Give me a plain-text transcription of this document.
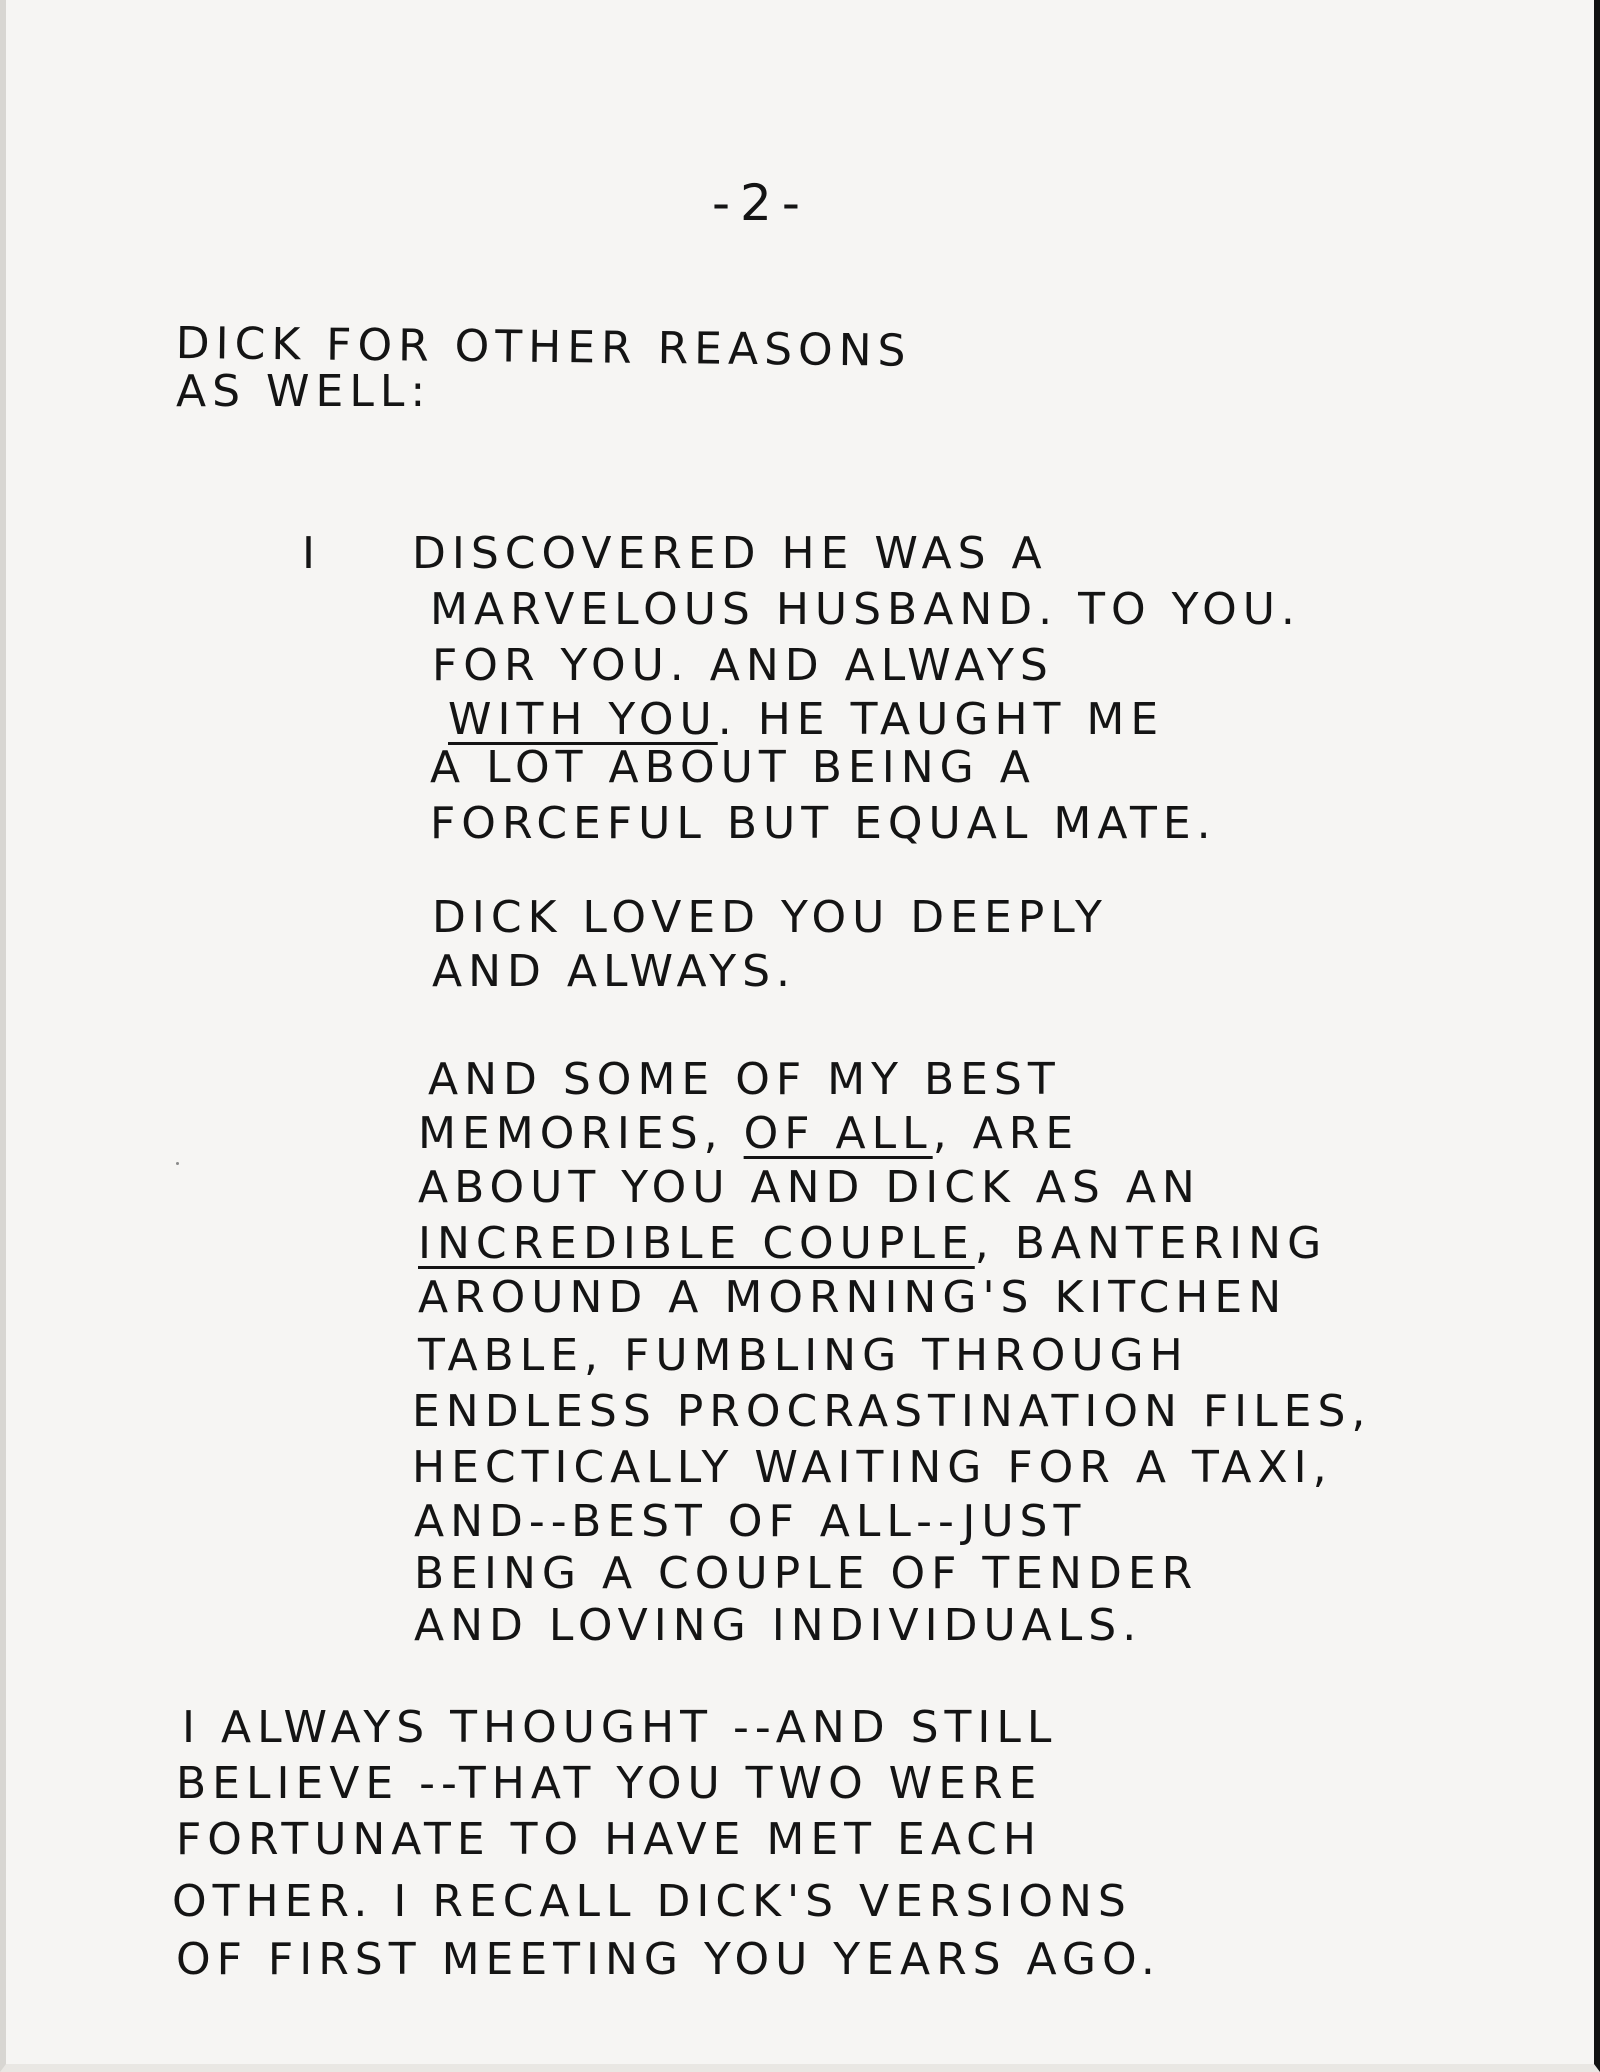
-2-
DICK FOR OTHER REASONS
AS WELL:
I DISCOVERED HE WAS A
MARVELOUS HUSBAND. TO YOU.
FOR YOU. AND ALWAYS
WITH YOU. HE TAUGHT ME
A LOT ABOUT BEING A
FORCEFUL BUT EQUAL MATE.
DICK LOVED YOU DEEPLY
AND ALWAYS.
AND SOME OF MY BEST
MEMORIES, OF ALL, ARE
ABOUT YOU AND DICK AS AN
INCREDIBLE COUPLE, BANTERING
AROUND A MORNING'S KITCHEN
TABLE, FUMBLING THROUGH
ENDLESS PROCRASTINATION FILES,
HECTICALLY WAITING FOR A TAXI,
AND--BEST OF ALL--JUST
BEING A COUPLE OF TENDER
AND LOVING INDIVIDUALS.
I ALWAYS THOUGHT --AND STILL
BELIEVE --THAT YOU TWO WERE
FORTUNATE TO HAVE MET EACH
OTHER. I RECALL DICK'S VERSIONS
OF FIRST MEETING YOU YEARS AGO.
